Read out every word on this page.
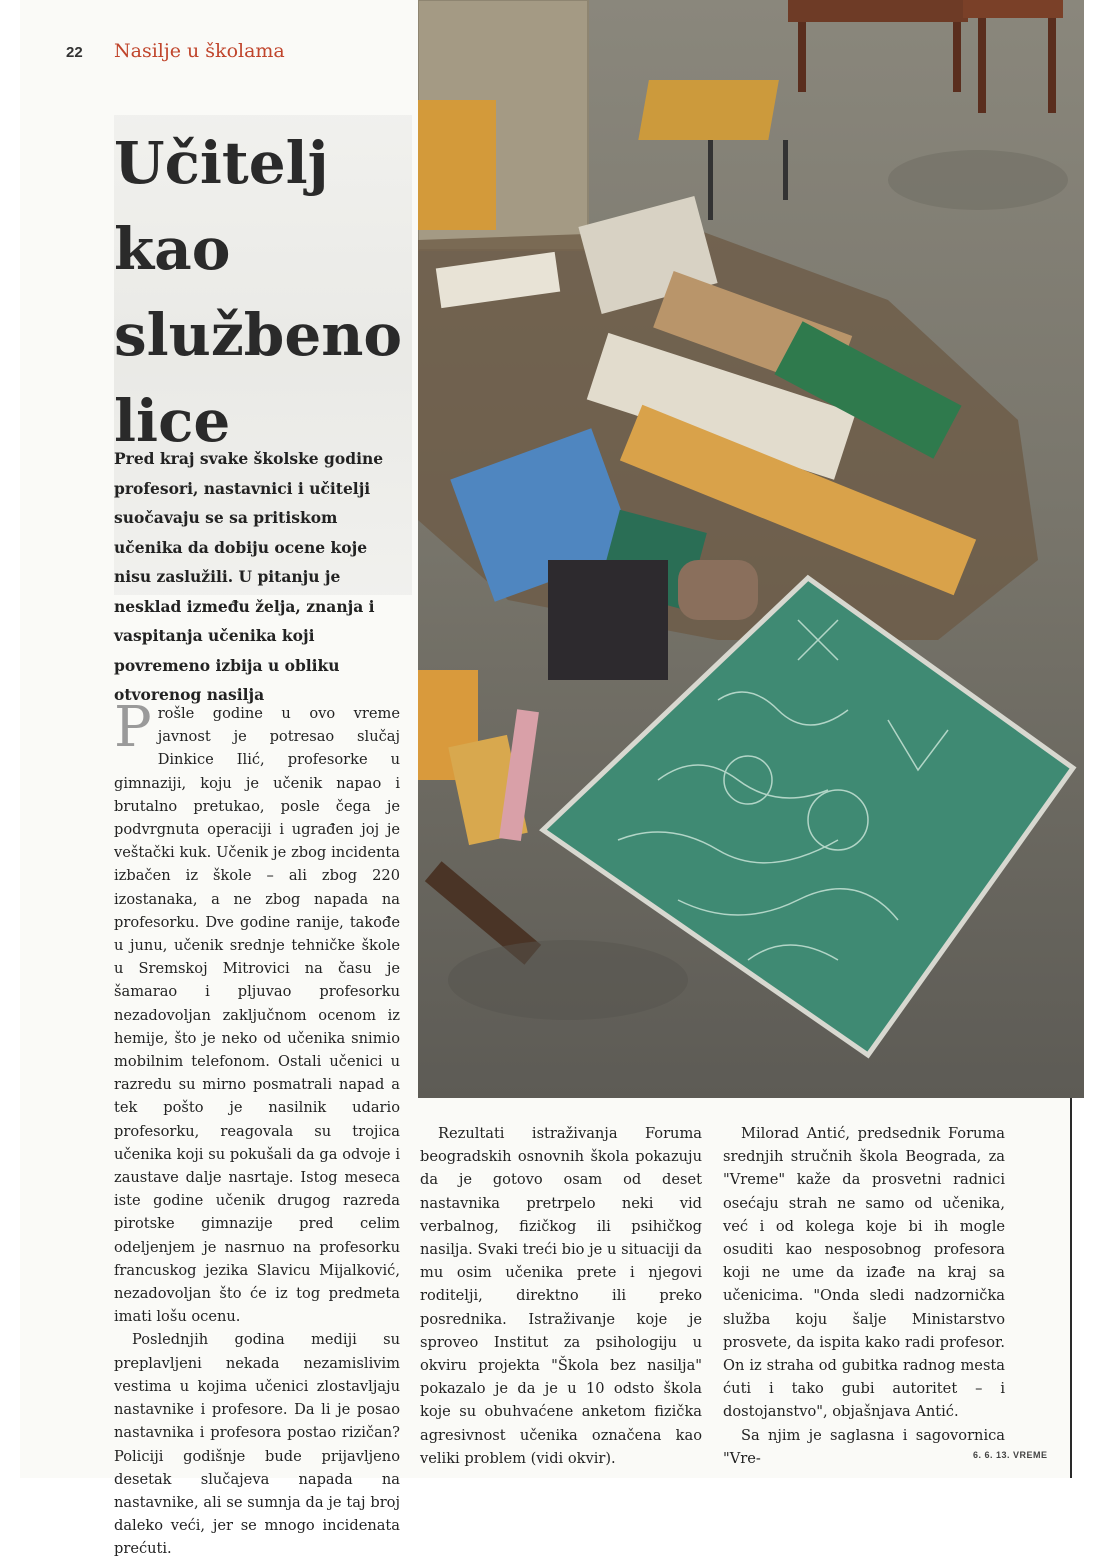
22 Nasilje u školama
Učitelj
kao
službeno
lice

Pred kraj svake školske godine profesori, nastavnici i učitelji suočavaju se sa pritiskom učenika da dobiju ocene koje nisu zaslužili. U pitanju je nesklad između želja, znanja i vaspitanja učenika koji povremeno izbija u obliku otvorenog nasilja

Prošle godine u ovo vreme javnost je potresao slučaj Dinkice Ilić, profesorke u gimnaziji, koju je učenik napao i brutalno pretukao, posle čega je podvrgnuta operaciji i ugrađen joj je veštački kuk. Učenik je zbog incidenta izbačen iz škole – ali zbog 220 izostanaka, a ne zbog napada na profesorku. Dve godine ranije, takođe u junu, učenik srednje tehničke škole u Sremskoj Mitrovici na času je šamarao i pljuvao profesorku nezadovoljan zaključnom ocenom iz hemije, što je neko od učenika snimio mobilnim telefonom. Ostali učenici u razredu su mirno posmatrali napad a tek pošto je nasilnik udario profesorku, reagovala su trojica učenika koji su pokušali da ga odvoje i zaustave dalje nasrtaje. Istog meseca iste godine učenik drugog razreda pirotske gimnazije pred celim odeljenjem je nasrnuo na profesorku francuskog jezika Slavicu Mijalković, nezadovoljan što će iz tog predmeta imati lošu ocenu.

Poslednjih godina mediji su preplavljeni nekada nezamislivim vestima u kojima učenici zlostavljaju nastavnike i profesore. Da li je posao nastavnika i profesora postao rizičan? Policiji godišnje bude prijavljeno desetak slučajeva napada na nastavnike, ali se sumnja da je taj broj daleko veći, jer se mnogo incidenata prećuti.

Rezultati istraživanja Foruma beogradskih osnovnih škola pokazuju da je gotovo osam od deset nastavnika pretrpelo neki vid verbalnog, fizičkog ili psihičkog nasilja. Svaki treći bio je u situaciji da mu osim učenika prete i njegovi roditelji, direktno ili preko posrednika. Istraživanje koje je sproveo Institut za psihologiju u okviru projekta "Škola bez nasilja" pokazalo je da je u 10 odsto škola koje su obuhvaćene anketom fizička agresivnost učenika označena kao veliki problem (vidi okvir).

Milorad Antić, predsednik Foruma srednjih stručnih škola Beograda, za "Vreme" kaže da prosvetni radnici osećaju strah ne samo od učenika, već i od kolega koje bi ih mogle osuditi kao nesposobnog profesora koji ne ume da izađe na kraj sa učenicima. "Onda sledi nadzornička služba koju šalje Ministarstvo prosvete, da ispita kako radi profesor. On iz straha od gubitka radnog mesta ćuti i tako gubi autoritet – i dostojanstvo", objašnjava Antić.

Sa njim je saglasna i sagovornica "Vre-	6. 6. 13. VREME
